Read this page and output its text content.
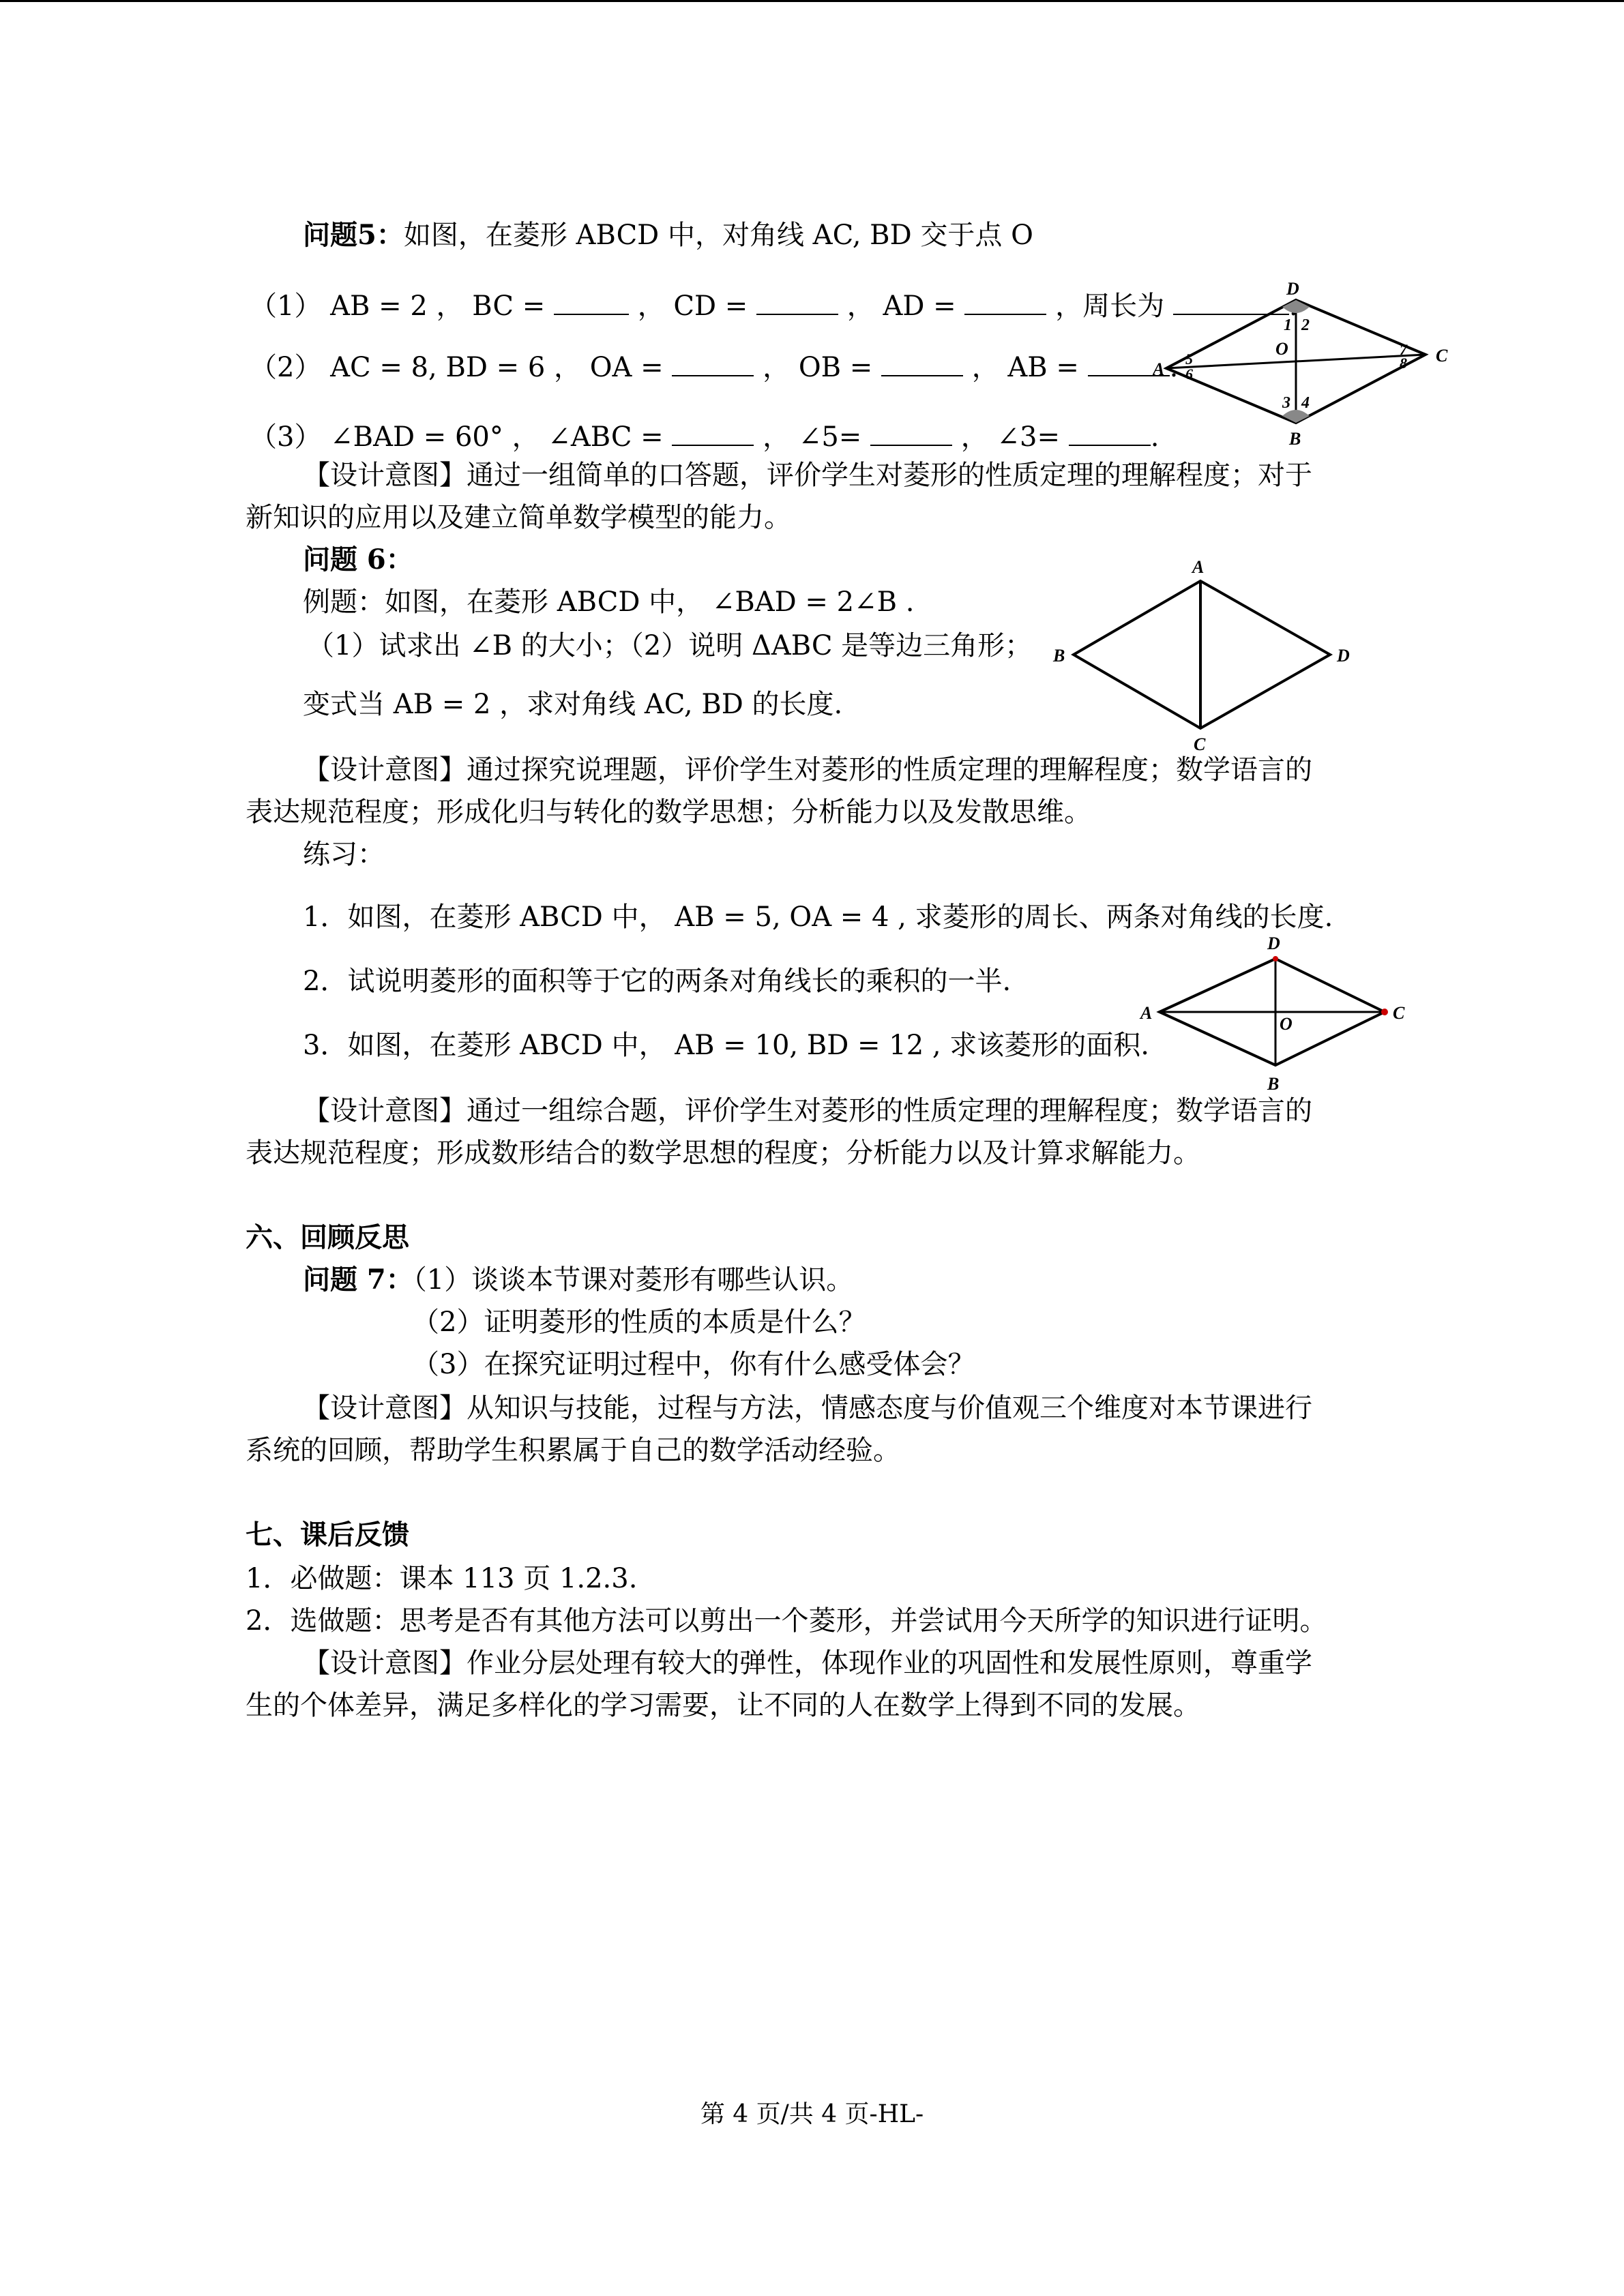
问题5：如图，在菱形 ABCD 中，对角线 AC, BD 交于点 O
（1） AB = 2 ， BC =	， CD =	， AD =	，周长为
（2） AC = 8, BD = 6 ， OA =	， OB =	， AB =
（3） ∠BAD = 60° ， ∠ABC =	， ∠5=	， ∠3=	.
【设计意图】通过一组简单的口答题，评价学生对菱形的性质定理的理解程度；对于
新知识的应用以及建立简单数学模型的能力。
D
A
C
B
O
1 2
3 4
5
6
7
8
问题 6：
例题：如图，在菱形 ABCD 中， ∠BAD = 2∠B .
（1）试求出 ∠B 的大小；（2）说明 ΔABC 是等边三角形；
变式当 AB = 2 ，求对角线 AC, BD 的长度.
【设计意图】通过探究说理题，评价学生对菱形的性质定理的理解程度；数学语言的
表达规范程度；形成化归与转化的数学思想；分析能力以及发散思维。
A
B	D
C
练习：
1．如图，在菱形 ABCD 中， AB = 5, OA = 4 , 求菱形的周长、两条对角线的长度.
2．试说明菱形的面积等于它的两条对角线长的乘积的一半.
3．如图，在菱形 ABCD 中， AB = 10, BD = 12 , 求该菱形的面积.
【设计意图】通过一组综合题，评价学生对菱形的性质定理的理解程度；数学语言的
表达规范程度；形成数形结合的数学思想的程度；分析能力以及计算求解能力。
D
A	C
B
O
六、回顾反思
问题 7：（1）谈谈本节课对菱形有哪些认识。
（2）证明菱形的性质的本质是什么？
（3）在探究证明过程中，你有什么感受体会？
【设计意图】从知识与技能，过程与方法，情感态度与价值观三个维度对本节课进行
系统的回顾，帮助学生积累属于自己的数学活动经验。
七、课后反馈
1．必做题：课本 113 页 1.2.3.
2．选做题：思考是否有其他方法可以剪出一个菱形，并尝试用今天所学的知识进行证明。
【设计意图】作业分层处理有较大的弹性，体现作业的巩固性和发展性原则，尊重学
生的个体差异，满足多样化的学习需要，让不同的人在数学上得到不同的发展。
第 4 页/共 4 页-HL-
